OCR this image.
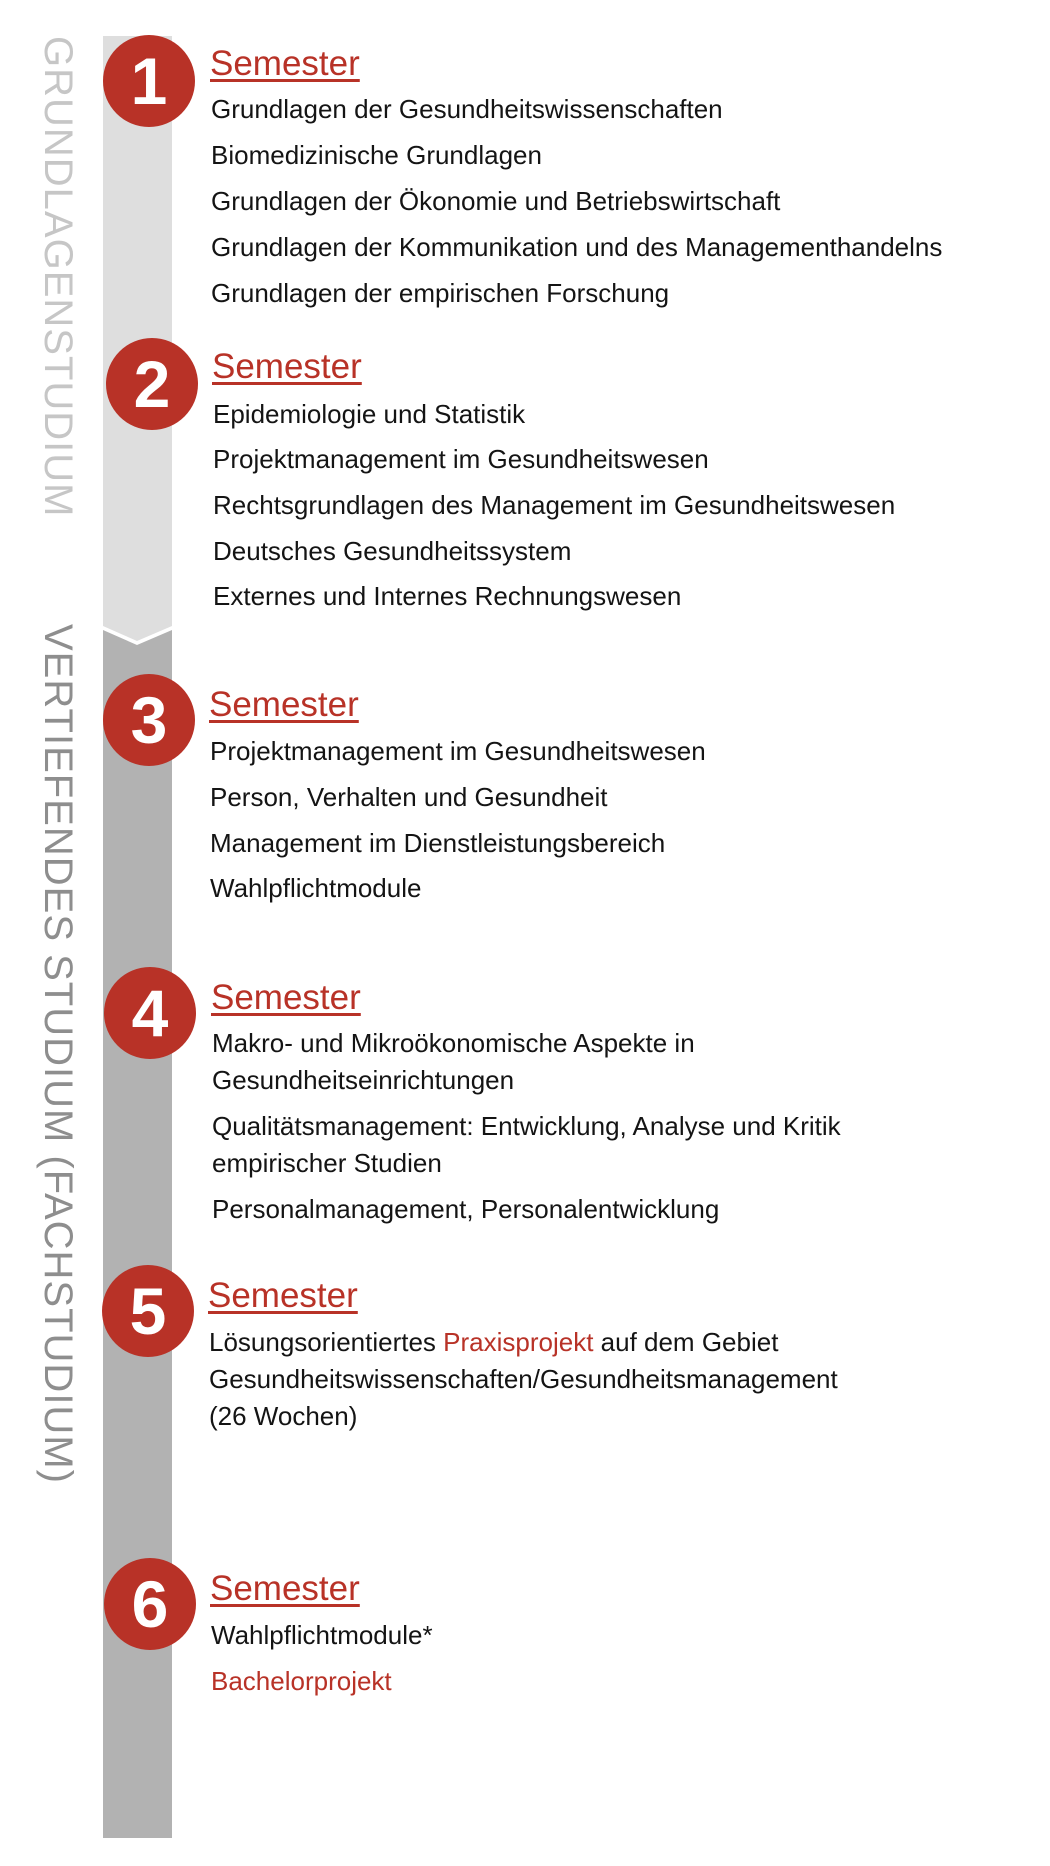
GRUNDLAGENSTUDIUM
VERTIEFENDES STUDIUM (FACHSTUDIUM)
1	Semester
Grundlagen der Gesundheitswissenschaften
Biomedizinische Grundlagen
Grundlagen der Ökonomie und Betriebswirtschaft
Grundlagen der Kommunikation und des Managementhandelns
Grundlagen der empirischen Forschung
2	Semester
Epidemiologie und Statistik
Projektmanagement im Gesundheitswesen
Rechtsgrundlagen des Management im Gesundheitswesen
Deutsches Gesundheitssystem
Externes und Internes Rechnungswesen
3	Semester
Projektmanagement im Gesundheitswesen
Person, Verhalten und Gesundheit
Management im Dienstleistungsbereich
Wahlpflichtmodule
4	Semester
Makro- und Mikroökonomische Aspekte in
Gesundheitseinrichtungen
Qualitätsmanagement: Entwicklung, Analyse und Kritik
empirischer Studien
Personalmanagement, Personalentwicklung
5	Semester
Lösungsorientiertes Praxisprojekt auf dem Gebiet
Gesundheitswissenschaften/Gesundheitsmanagement
(26 Wochen)
6	Semester
Wahlpflichtmodule*
Bachelorprojekt
